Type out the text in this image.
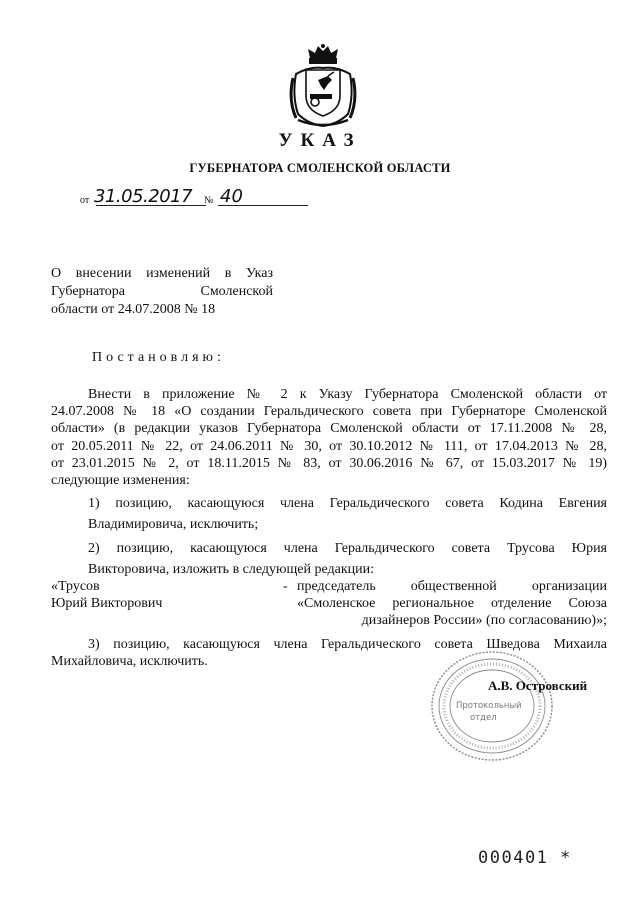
УКАЗ
ГУБЕРНАТОРА СМОЛЕНСКОЙ ОБЛАСТИ
от 31.05.2017 № 40
О внесении изменений в Указ
Губернатора Смоленской
области от 24.07.2008 № 18
Постановляю:
Внести в приложение № 2 к Указу Губернатора Смоленской области от
24.07.2008 № 18 «О создании Геральдического совета при Губернаторе Смоленской
области» (в редакции указов Губернатора Смоленской области от 17.11.2008 № 28,
от 20.05.2011 № 22, от 24.06.2011 № 30, от 30.10.2012 № 111, от 17.04.2013 № 28,
от 23.01.2015 № 2, от 18.11.2015 № 83, от 30.06.2016 № 67, от 15.03.2017 № 19)
следующие изменения:
1) позицию, касающуюся члена Геральдического совета Кодина Евгения
Владимировича, исключить;
2) позицию, касающуюся члена Геральдического совета Трусова Юрия
Викторовича, изложить в следующей редакции:
«Трусов
Юрий Викторович
- председатель общественной организации
«Смоленское региональное отделение Союза
дизайнеров России» (по согласованию)»;
3) позицию, касающуюся члена Геральдического совета Шведова Михаила
Михайловича, исключить.
Протокольный
отдел
А.В. Островский
000401 *
